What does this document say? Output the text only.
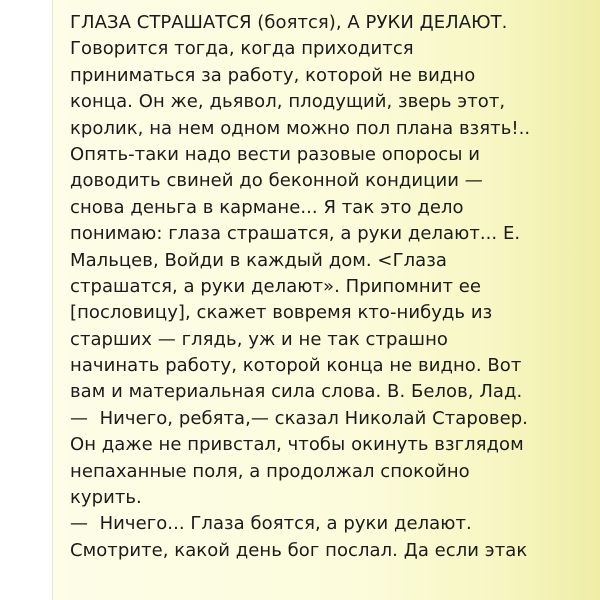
ГЛАЗА СТРАШАТСЯ (боятся), А РУКИ ДЕЛАЮТ.
Говорится тогда, когда приходится
приниматься за работу, которой не видно
конца. Он же, дьявол, плодущий, зверь этот,
кролик, на нем одном можно пол плана взять!..
Опять-таки надо вести разовые опоросы и
доводить свиней до беконной кондиции —
снова деньга в кармане... Я так это дело
понимаю: глаза страшатся, а руки делают... Е.
Мальцев, Войди в каждый дом. <Глаза
страшатся, а руки делают». Припомнит ее
[пословицу], скажет вовремя кто-нибудь из
старших — глядь, уж и не так страшно
начинать работу, которой конца не видно. Вот
вам и материальная сила слова. В. Белов, Лад.
—  Ничего, ребята,— сказал Николай Старовер.
Он даже не привстал, чтобы окинуть взглядом
непаханные поля, а продолжал спокойно
курить.
—  Ничего... Глаза боятся, а руки делают.
Смотрите, какой день бог послал. Да если этак
